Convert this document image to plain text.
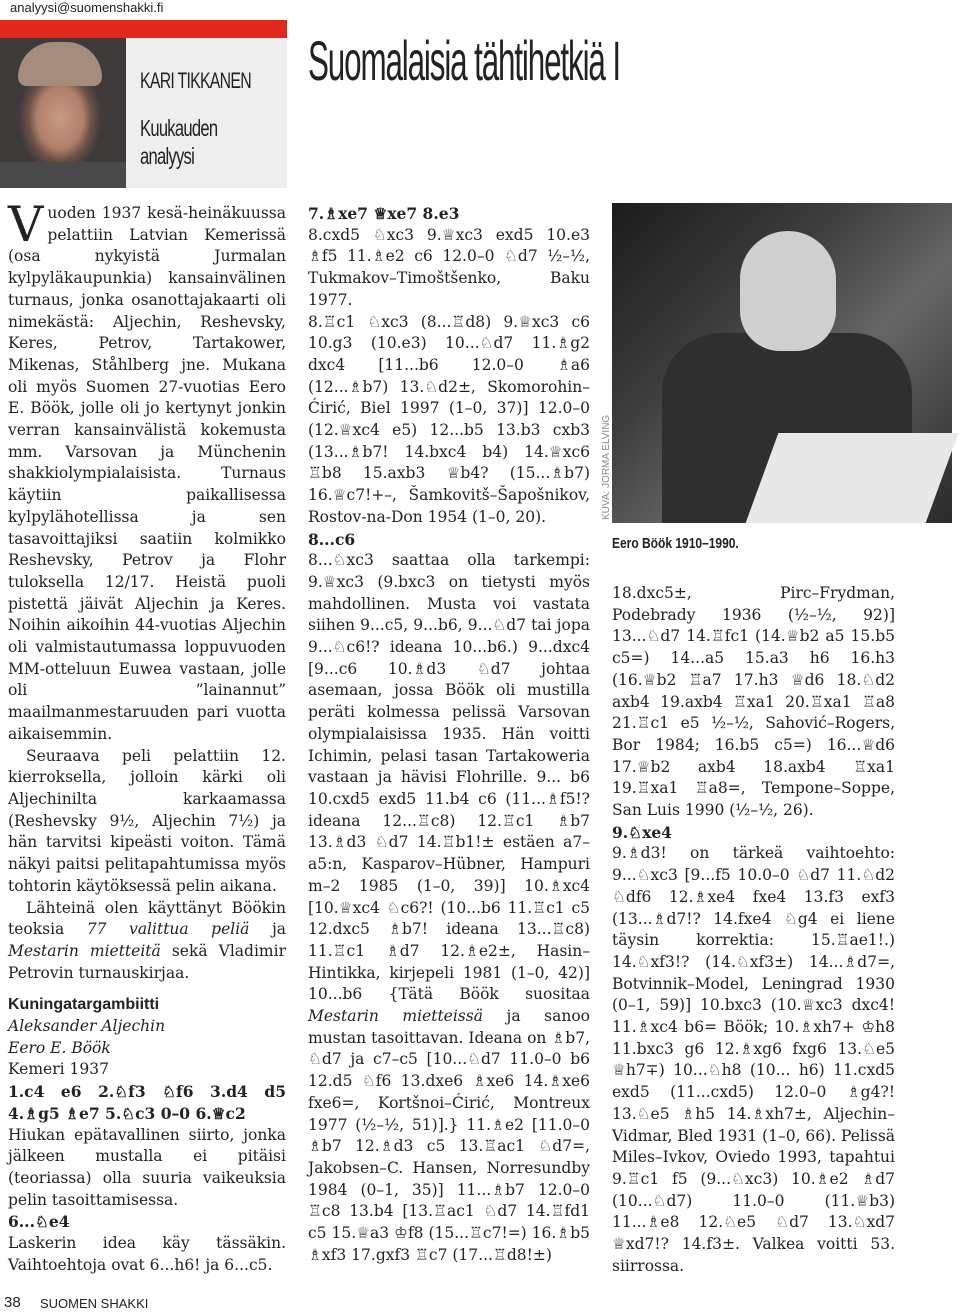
analyysi@suomenshakki.fi
KARI TIKKANEN
Kuukauden
analyysi
Suomalaisia tähtihetkiä I

Vuoden 1937 kesä-heinäkuussa pelattiin Latvian Kemerissä (osa nykyistä Jurmalan kylpyläkaupunkia) kansainvälinen turnaus, jonka osanottajakaarti oli nimekästä: Aljechin, Reshevsky, Keres, Petrov, Tartakower, Mikenas, Ståhlberg jne. Mukana oli myös Suomen 27-vuotias Eero E. Böök, jolle oli jo kertynyt jonkin verran kansainvälistä kokemusta mm. Varsovan ja Münchenin shakkiolympialaisista. Turnaus käytiin paikallisessa kylpylähotellissa ja sen tasavoittajiksi saatiin kolmikko Reshevsky, Petrov ja Flohr tuloksella 12/17. Heistä puoli pistettä jäivät Aljechin ja Keres. Noihin aikoihin 44-vuotias Aljechin oli valmistautumassa loppuvuoden MM-otteluun Euwea vastaan, jolle oli ”lainannut” maailmanmestaruuden pari vuotta aikaisemmin.

Seuraava peli pelattiin 12. kierroksella, jolloin kärki oli Aljechinilta karkaamassa (Reshevsky 9½, Aljechin 7½) ja hän tarvitsi kipeästi voiton. Tämä näkyi paitsi pelitapahtumissa myös tohtorin käytöksessä pelin aikana.

Lähteinä olen käyttänyt Böökin teoksia 77 valittua peliä ja Mestarin mietteitä sekä Vladimir Petrovin turnauskirjaa.

Kuningatargambiitti

Aleksander Aljechin

Eero E. Böök

Kemeri 1937

1.c4 e6 2.♘f3 ♘f6 3.d4 d5 4.♗g5 ♗e7 5.♘c3 0–0 6.♕c2

Hiukan epätavallinen siirto, jonka jälkeen mustalla ei pitäisi (teoriassa) olla suuria vaikeuksia pelin tasoittamisessa.

6...♘e4

Laskerin idea käy tässäkin. Vaihtoehtoja ovat 6...h6! ja 6...c5.

7.♗xe7 ♕xe7 8.e3

8.cxd5 ♘xc3 9.♕xc3 exd5 10.e3 ♗f5 11.♗e2 c6 12.0–0 ♘d7 ½–½, Tukmakov–Timoštšenko, Baku 1977.

8.♖c1 ♘xc3 (8...♖d8) 9.♕xc3 c6 10.g3 (10.e3) 10...♘d7 11.♗g2 dxc4 [11...b6 12.0–0 ♗a6 (12...♗b7) 13.♘d2±, Skomorohin–Ćirić, Biel 1997 (1–0, 37)] 12.0–0 (12.♕xc4 e5) 12...b5 13.b3 cxb3 (13...♗b7! 14.bxc4 b4) 14.♕xc6 ♖b8 15.axb3 ♕b4? (15...♗b7) 16.♕c7!+–, Šamkovitš–Šapošnikov, Rostov-na-Don 1954 (1–0, 20).

8...c6

8...♘xc3 saattaa olla tarkempi: 9.♕xc3 (9.bxc3 on tietysti myös mahdollinen. Musta voi vastata siihen 9...c5, 9...b6, 9...♘d7 tai jopa 9...♘c6!? ideana 10...b6.) 9...dxc4 [9...c6 10.♗d3 ♘d7 johtaa asemaan, jossa Böök oli mustilla peräti kolmessa pelissä Varsovan olympialaisissa 1935. Hän voitti Ichimin, pelasi tasan Tartakoweria vastaan ja hävisi Flohrille. 9... b6 10.cxd5 exd5 11.b4 c6 (11...♗f5!? ideana 12...♖c8) 12.♖c1 ♗b7 13.♗d3 ♘d7 14.♖b1!± estäen a7–a5:n, Kasparov–Hübner, Hampuri m–2 1985 (1–0, 39)] 10.♗xc4 [10.♕xc4 ♘c6?! (10...b6 11.♖c1 c5 12.dxc5 ♗b7! ideana 13...♖c8) 11.♖c1 ♗d7 12.♗e2±, Hasin–Hintikka, kirjepeli 1981 (1–0, 42)] 10...b6 {Tätä Böök suositaa Mestarin mietteissä ja sanoo mustan tasoittavan. Ideana on ♗b7, ♘d7 ja c7–c5 [10...♘d7 11.0–0 b6 12.d5 ♘f6 13.dxe6 ♗xe6 14.♗xe6 fxe6=, Kortšnoi–Ćirić, Montreux 1977 (½–½, 51)].} 11.♗e2 [11.0–0 ♗b7 12.♗d3 c5 13.♖ac1 ♘d7=, Jakobsen–C. Hansen, Norresundby 1984 (0–1, 35)] 11...♗b7 12.0–0 ♖c8 13.b4 [13.♖ac1 ♘d7 14.♖fd1 c5 15.♕a3 ♔f8 (15...♖c7!=) 16.♗b5 ♗xf3 17.gxf3 ♖c7 (17...♖d8!±)

KUVA: JORMA ELVING
Eero Böök 1910–1990.

18.dxc5±, Pirc–Frydman, Podebrady 1936 (½–½, 92)] 13...♘d7 14.♖fc1 (14.♕b2 a5 15.b5 c5=) 14...a5 15.a3 h6 16.h3 (16.♕b2 ♖a7 17.h3 ♕d6 18.♘d2 axb4 19.axb4 ♖xa1 20.♖xa1 ♖a8 21.♖c1 e5 ½–½, Sahović–Rogers, Bor 1984; 16.b5 c5=) 16...♕d6 17.♕b2 axb4 18.axb4 ♖xa1 19.♖xa1 ♖a8=, Tempone–Soppe, San Luis 1990 (½–½, 26).

9.♘xe4

9.♗d3! on tärkeä vaihtoehto: 9...♘xc3 [9...f5 10.0–0 ♘d7 11.♘d2 ♘df6 12.♗xe4 fxe4 13.f3 exf3 (13...♗d7!? 14.fxe4 ♘g4 ei liene täysin korrektia: 15.♖ae1!.) 14.♘xf3!? (14.♘xf3±) 14...♗d7=, Botvinnik–Model, Leningrad 1930 (0–1, 59)] 10.bxc3 (10.♕xc3 dxc4! 11.♗xc4 b6= Böök; 10.♗xh7+ ♔h8 11.bxc3 g6 12.♗xg6 fxg6 13.♘e5 ♕h7∓) 10...♘h8 (10... h6) 11.cxd5 exd5 (11...cxd5) 12.0–0 ♗g4?! 13.♘e5 ♗h5 14.♗xh7±, Aljechin–Vidmar, Bled 1931 (1–0, 66). Pelissä Miles–Ivkov, Oviedo 1993, tapahtui 9.♖c1 f5 (9...♘xc3) 10.♗e2 ♗d7 (10...♘d7) 11.0–0 (11.♕b3) 11...♗e8 12.♘e5 ♘d7 13.♘xd7 ♕xd7!? 14.f3±. Valkea voitti 53. siirrossa.

38 SUOMEN SHAKKI
